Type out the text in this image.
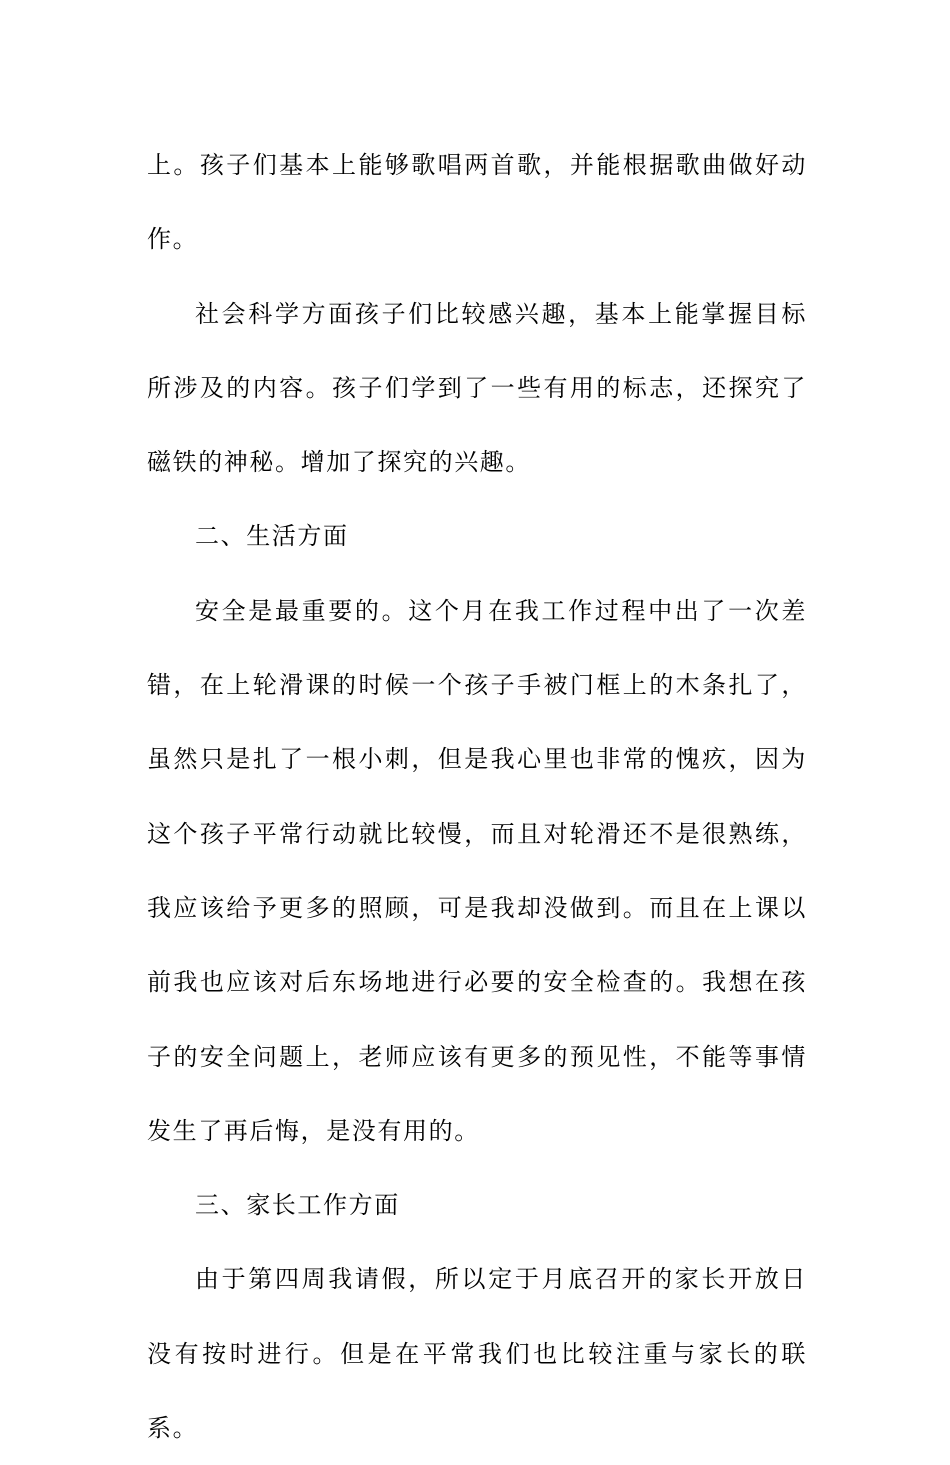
上。孩子们基本上能够歌唱两首歌，并能根据歌曲做好动作。

社会科学方面孩子们比较感兴趣，基本上能掌握目标所涉及的内容。孩子们学到了一些有用的标志，还探究了磁铁的神秘。增加了探究的兴趣。

二、生活方面

安全是最重要的。这个月在我工作过程中出了一次差错，在上轮滑课的时候一个孩子手被门框上的木条扎了，虽然只是扎了一根小刺，但是我心里也非常的愧疚，因为这个孩子平常行动就比较慢，而且对轮滑还不是很熟练，我应该给予更多的照顾，可是我却没做到。而且在上课以前我也应该对后东场地进行必要的安全检查的。我想在孩子的安全问题上，老师应该有更多的预见性，不能等事情发生了再后悔，是没有用的。

三、家长工作方面

由于第四周我请假，所以定于月底召开的家长开放日没有按时进行。但是在平常我们也比较注重与家长的联系。
